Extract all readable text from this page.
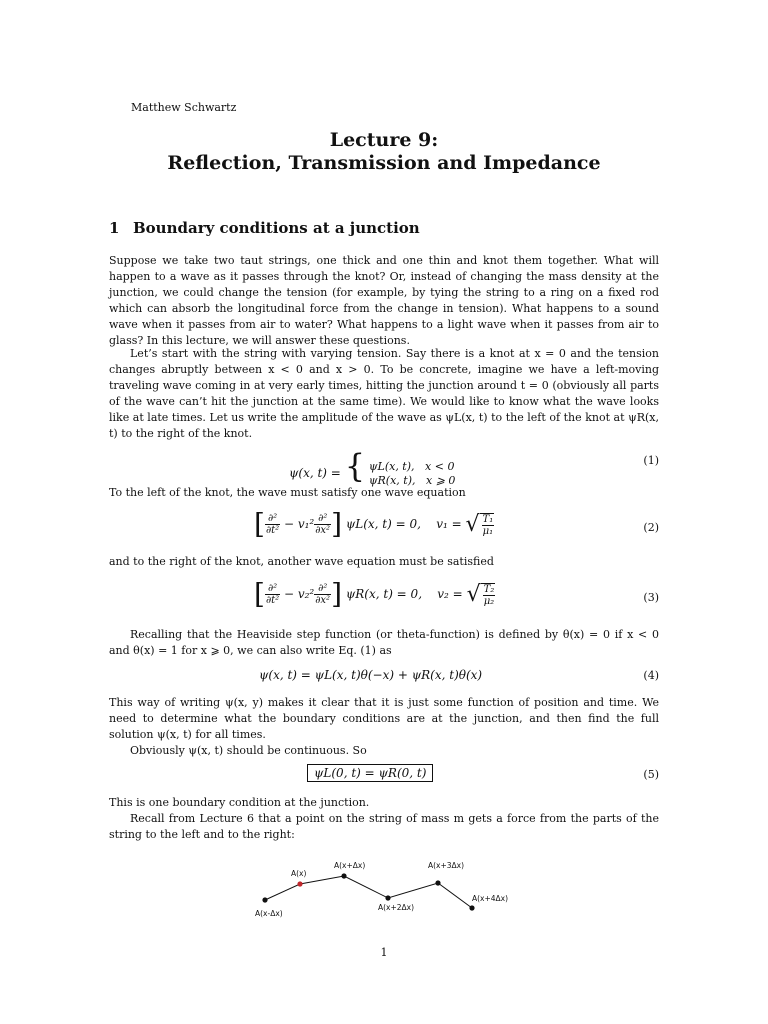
Matthew Schwartz
Lecture 9:
Reflection, Transmission and Impedance
1 Boundary conditions at a junction
Suppose we take two taut strings, one thick and one thin and knot them together. What will happen to a wave as it passes through the knot? Or, instead of changing the mass density at the junction, we could change the tension (for example, by tying the string to a ring on a fixed rod which can absorb the longitudinal force from the change in tension). What happens to a sound wave when it passes from air to water? What happens to a light wave when it passes from air to glass? In this lecture, we will answer these questions.
Let’s start with the string with varying tension. Say there is a knot at x = 0 and the tension changes abruptly between x < 0 and x > 0. To be concrete, imagine we have a left-moving traveling wave coming in at very early times, hitting the junction around t = 0 (obviously all parts of the wave can’t hit the junction at the same time). We would like to know what the wave looks like at late times. Let us write the amplitude of the wave as ψL(x, t) to the left of the knot at ψR(x, t) to the right of the knot.
ψ(x, t) = { ψL(x, t), x < 0
ψR(x, t), x ⩾ 0
(1)
To the left of the knot, the wave must satisfy one wave equation
[ $\frac{\text{∂²}}{\text{∂t²}} - v_1^2 \frac{\text{∂²}}{\text{∂x²}}$ ] ψL(x, t) = 0, v₁ = √ $\frac{\text{T₁}}{\text{μ₁}}$	(2)
and to the right of the knot, another wave equation must be satisfied
[ $\frac{\text{∂²}}{\text{∂t²}} - v_2^2 \frac{\text{∂²}}{\text{∂x²}}$ ] ψR(x, t) = 0, v₂ = √ $\frac{\text{T₂}}{\text{μ₂}}$	(3)
Recalling that the Heaviside step function (or theta-function) is defined by θ(x) = 0 if x < 0 and θ(x) = 1 for x ⩾ 0, we can also write Eq. (1) as
ψ(x, t) = ψL(x, t)θ(−x) + ψR(x, t)θ(x)	(4)
This way of writing ψ(x, y) makes it clear that it is just some function of position and time. We need to determine what the boundary conditions are at the junction, and then find the full solution ψ(x, t) for all times.
Obviously ψ(x, t) should be continuous. So
ψL(0, t) = ψR(0, t)	(5)
This is one boundary condition at the junction.
Recall from Lecture 6 that a point on the string of mass m gets a force from the parts of the string to the left and to the right:
A(x-Δx)
A(x)
A(x+Δx)
A(x+2Δx)
A(x+3Δx)
A(x+4Δx)
1
